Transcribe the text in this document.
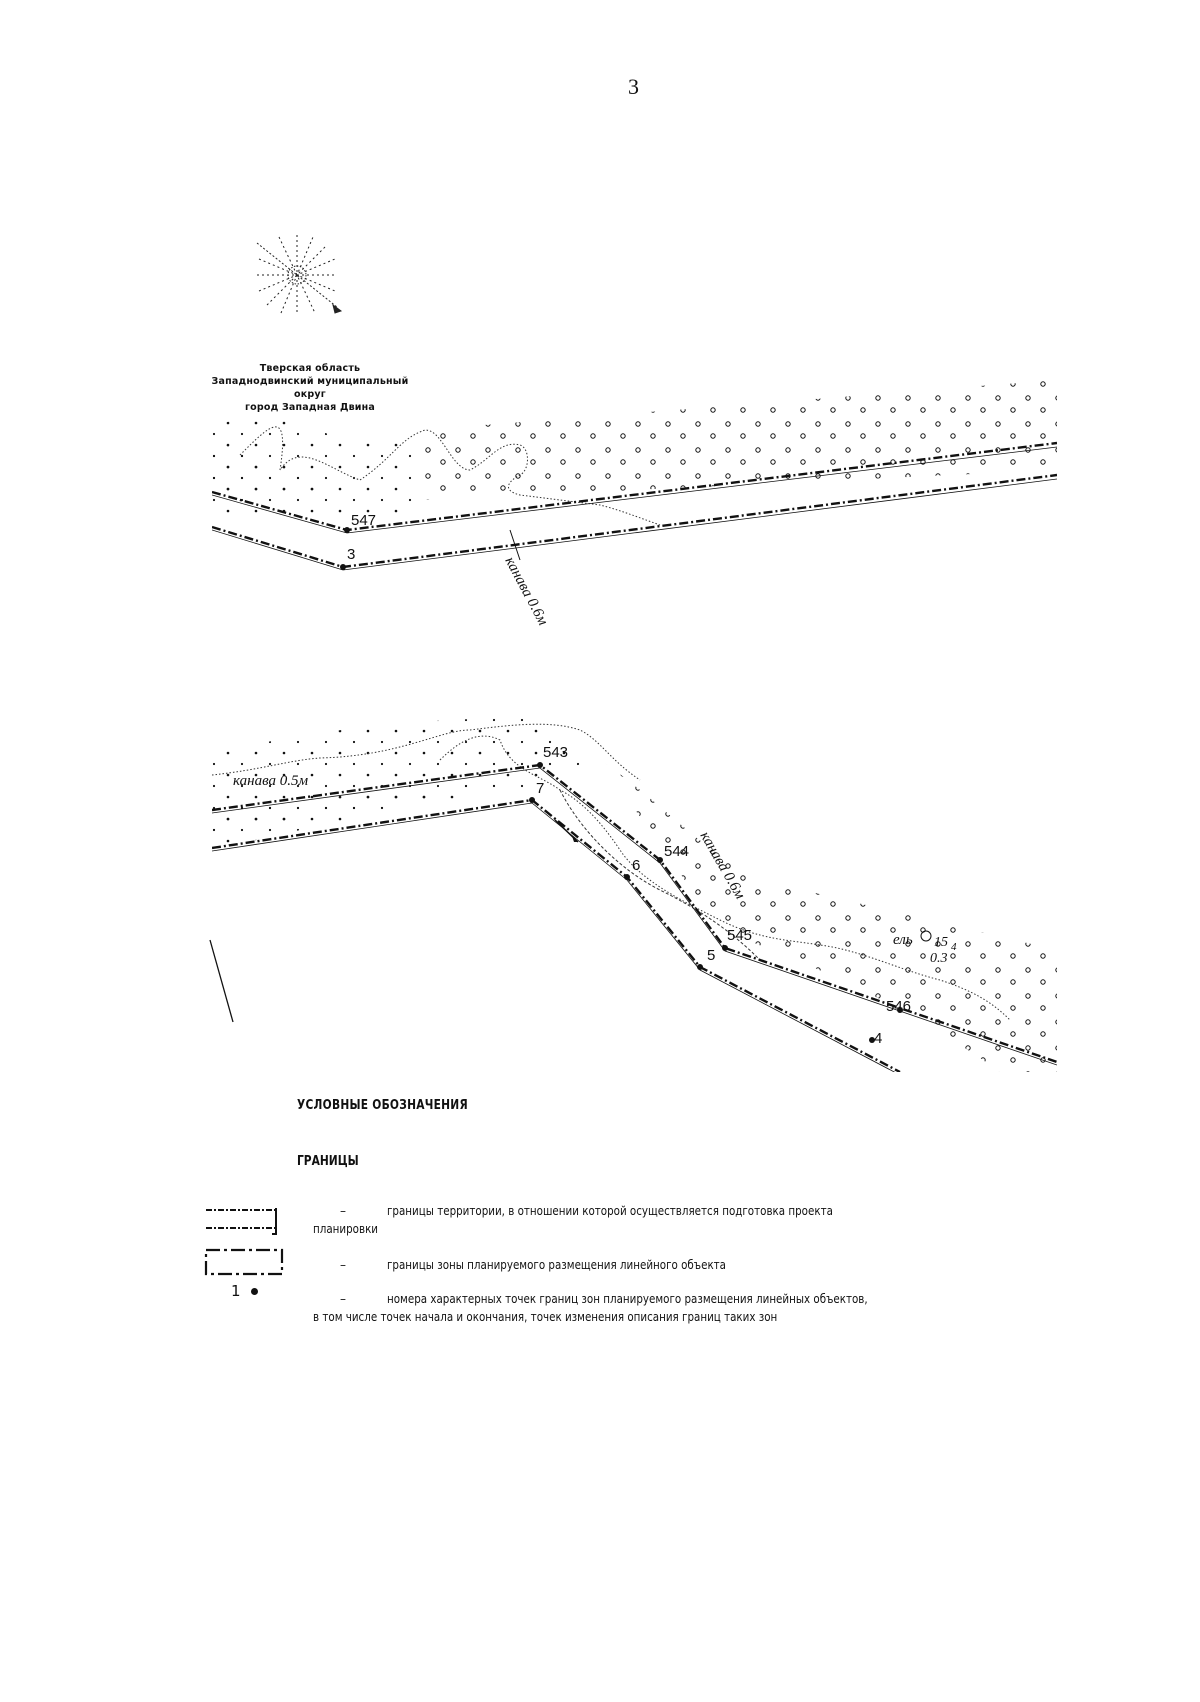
3
Тверская область
Западнодвинский муниципальный округ
город Западная Двина
547
3
543
7
544
6
545
5
546
4
канава 0.6м
канава 0.5м
канава 0.6м
ель 15 4
0.3
УСЛОВНЫЕ ОБОЗНАЧЕНИЯ
ГРАНИЦЫ
1
–	границы территории, в отношении которой осуществляется подготовка проекта
планировки
–	границы зоны планируемого размещения линейного объекта
–	номера характерных точек границ зон планируемого размещения линейных объектов,
в том числе точек начала и окончания, точек изменения описания границ таких зон
